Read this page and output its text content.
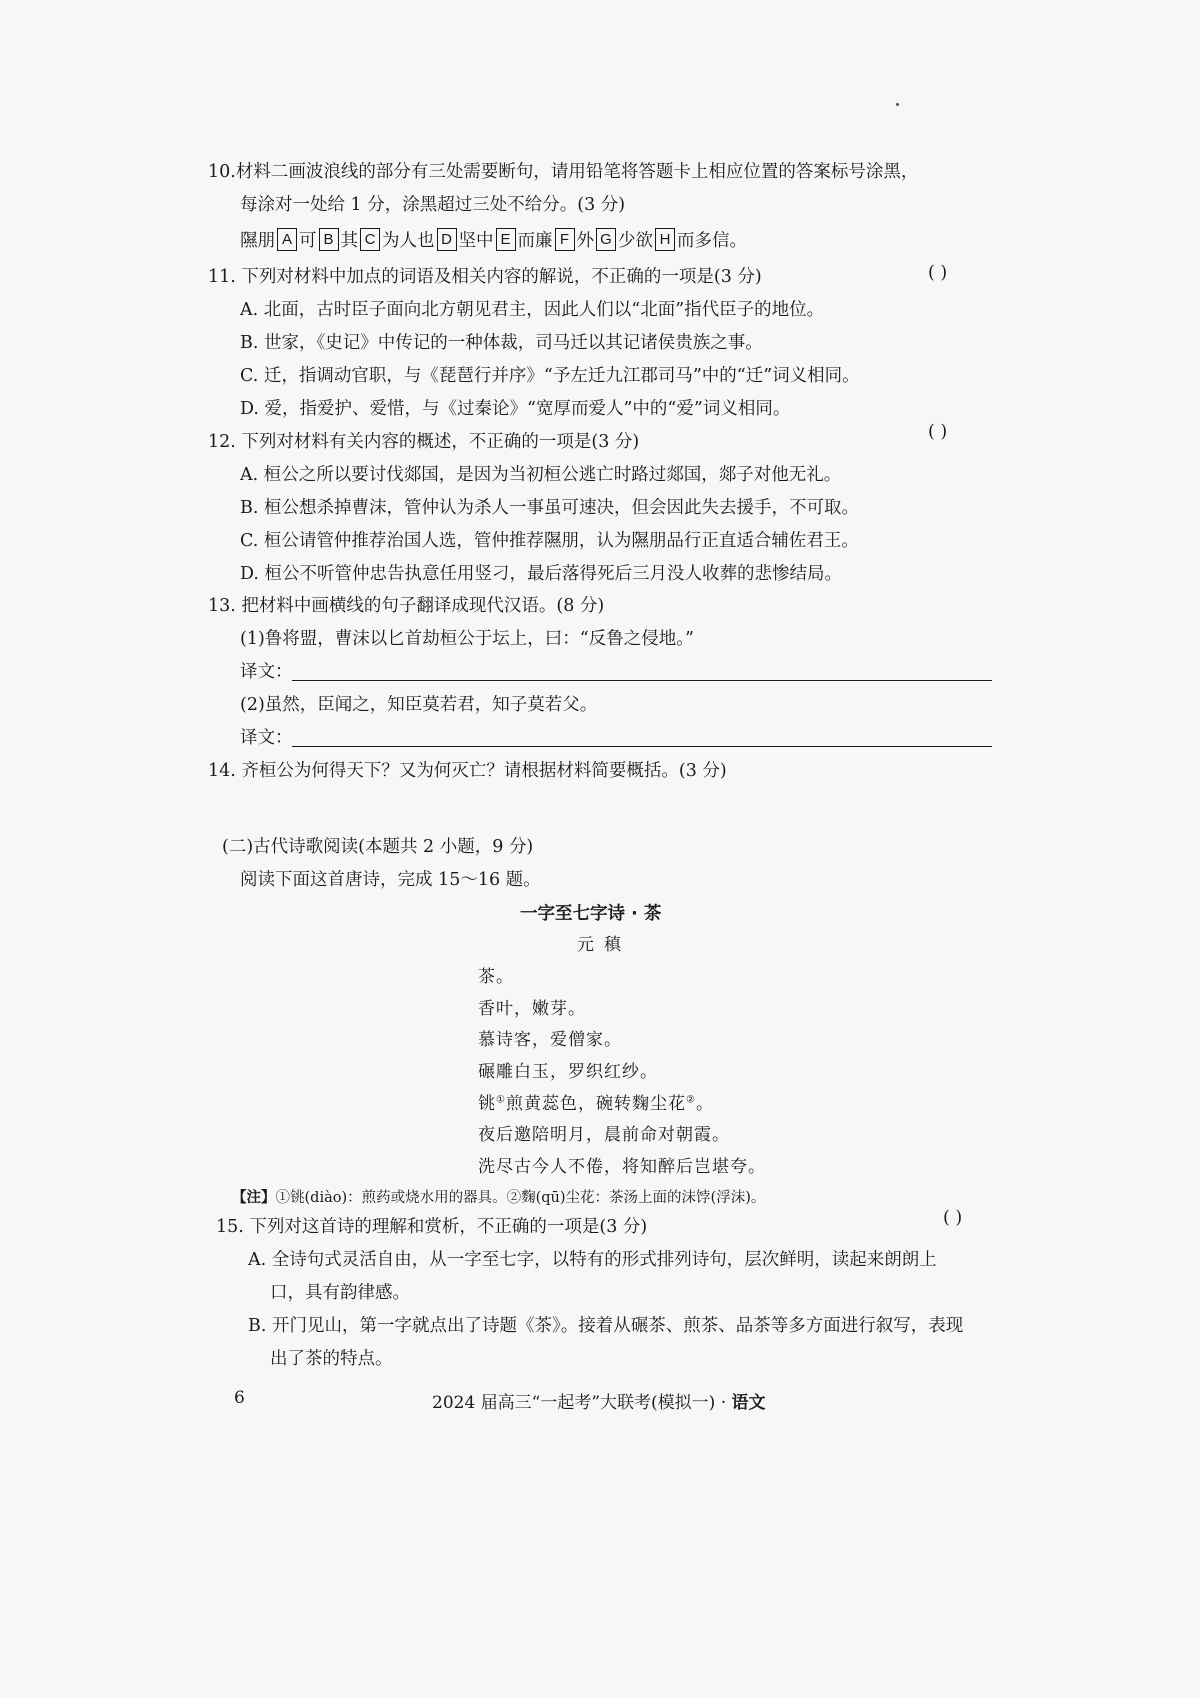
10.材料二画波浪线的部分有三处需要断句，请用铅笔将答题卡上相应位置的答案标号涂黑，
每涂对一处给 1 分，涂黑超过三处不给分。(3 分)
隰朋 A 可 B 其 C 为人也 D 坚中 E 而廉 F 外 G 少欲 H 而多信。
11. 下列对材料中加点的词语及相关内容的解说，不正确的一项是(3 分)	( )
A. 北面，古时臣子面向北方朝见君主，因此人们以“北面”指代臣子的地位。
B. 世家，《史记》中传记的一种体裁，司马迁以其记诸侯贵族之事。
C. 迁，指调动官职，与《琵琶行并序》“予左迁九江郡司马”中的“迁”词义相同。
D. 爱，指爱护、爱惜，与《过秦论》“宽厚而爱人”中的“爱”词义相同。
12. 下列对材料有关内容的概述，不正确的一项是(3 分)	( )
A. 桓公之所以要讨伐郯国，是因为当初桓公逃亡时路过郯国，郯子对他无礼。
B. 桓公想杀掉曹沫，管仲认为杀人一事虽可速决，但会因此失去援手，不可取。
C. 桓公请管仲推荐治国人选，管仲推荐隰朋，认为隰朋品行正直适合辅佐君王。
D. 桓公不听管仲忠告执意任用竖刁，最后落得死后三月没人收葬的悲惨结局。
13. 把材料中画横线的句子翻译成现代汉语。(8 分)
(1)鲁将盟，曹沫以匕首劫桓公于坛上，曰：“反鲁之侵地。”
译文：
(2)虽然，臣闻之，知臣莫若君，知子莫若父。
译文：
14. 齐桓公为何得天下？又为何灭亡？请根据材料简要概括。(3 分)
(二)古代诗歌阅读(本题共 2 小题，9 分)
阅读下面这首唐诗，完成 15～16 题。
一字至七字诗 · 茶
元稹
茶。
香叶，嫩芽。
慕诗客，爱僧家。
碾雕白玉，罗织红纱。
铫①煎黄蕊色，碗转麴尘花②。
夜后邀陪明月，晨前命对朝霞。
洗尽古今人不倦，将知醉后岂堪夸。
【注】①铫(diào)：煎药或烧水用的器具。②麴(qū)尘花：茶汤上面的沫饽(浮沫)。
15. 下列对这首诗的理解和赏析，不正确的一项是(3 分)	( )
A. 全诗句式灵活自由，从一字至七字，以特有的形式排列诗句，层次鲜明，读起来朗朗上
口，具有韵律感。
B. 开门见山，第一字就点出了诗题《茶》。接着从碾茶、煎茶、品茶等多方面进行叙写，表现
出了茶的特点。
6	2024 届高三“一起考”大联考(模拟一) · 语文
